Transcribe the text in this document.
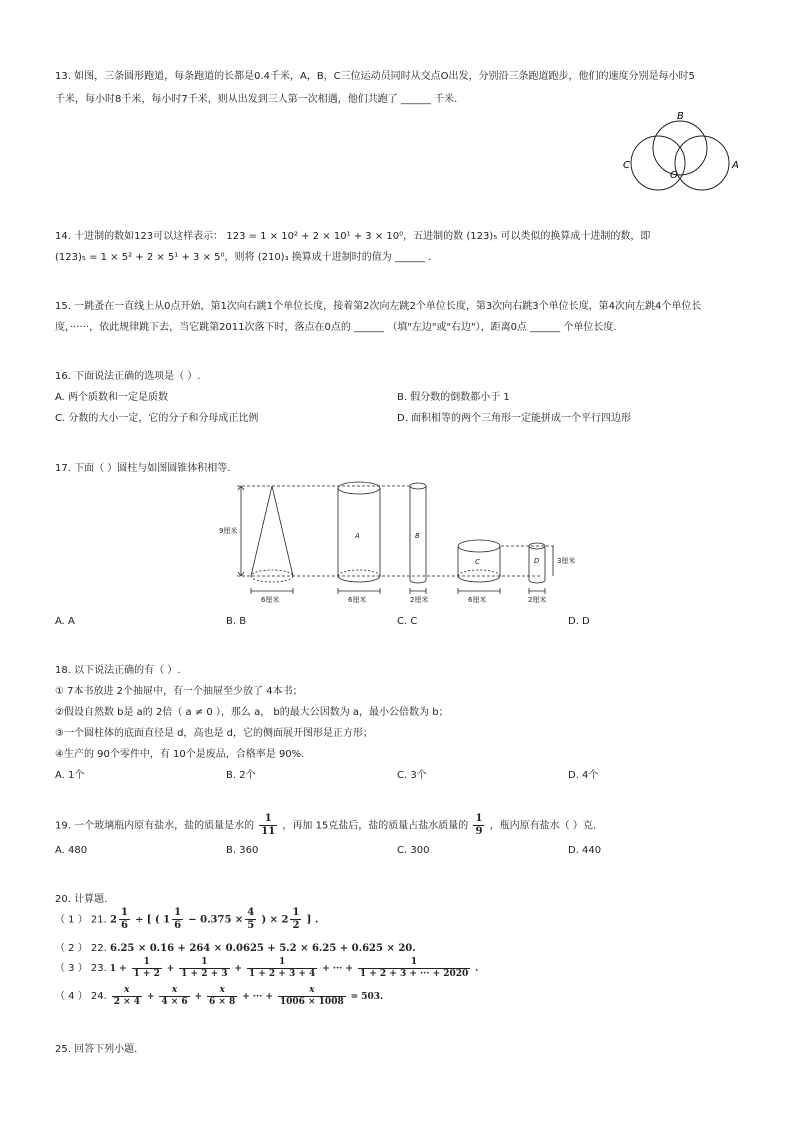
13. 如图，三条圆形跑道，每条跑道的长都是0.4千米，A，B，C三位运动员同时从交点O出发，分别沿三条跑道跑步，他们的速度分别是每小时5
千米，每小时8千米，每小时7千米，则从出发到三人第一次相遇，他们共跑了 ______ 千米.
B
C
O
A
14. 十进制的数如123可以这样表示： 123 = 1 × 10² + 2 × 10¹ + 3 × 10⁰，五进制的数 (123)₅ 可以类似的换算成十进制的数，即
(123)₅ = 1 × 5² + 2 × 5¹ + 3 × 5⁰，则将 (210)₃ 换算成十进制时的值为 ______ .
15. 一跳蚤在一直线上从0点开始，第1次向右跳1个单位长度，接着第2次向左跳2个单位长度，第3次向右跳3个单位长度，第4次向左跳4个单位长
度，······，依此规律跳下去，当它跳第2011次落下时，落点在0点的 ______ （填"左边"或"右边"），距离0点 ______ 个单位长度.
16. 下面说法正确的选项是（ ）.
A. 两个质数和一定是质数	B. 假分数的倒数都小于 1
C. 分数的大小一定，它的分子和分母成正比例	D. 面积相等的两个三角形一定能拼成一个平行四边形
17. 下面（ ）圆柱与如图圆锥体积相等.
9厘米
3厘米
A	B
C	D
6厘米	6厘米	2厘米	6厘米	2厘米
A. A	B. B	C. C	D. D
18. 以下说法正确的有（ ）.
① 7本书放进 2个抽屉中，有一个抽屉至少放了 4本书；
②假设自然数 b是 a的 2倍（ a ≠ 0 ），那么 a， b的最大公因数为 a，最小公倍数为 b；
③一个圆柱体的底面直径是 d，高也是 d，它的侧面展开图形是正方形；
④生产的 90个零件中，有 10个是废品，合格率是 90%.
A. 1个	B. 2个	C. 3个	D. 4个
19. 一个玻璃瓶内原有盐水，盐的质量是水的 $\frac{1}{11}$ ，再加 15克盐后，盐的质量占盐水质量的 $\frac{1}{9}$ ，瓶内原有盐水（ ）克.
A. 480	B. 360	C. 300	D. 440
20. 计算题.
（ 1 ） 21. $2 \frac{1}{6}$ ÷ [ ( $1 \frac{1}{6} - 0.375 \times \frac{4}{5}$ ) × $2 \frac{1}{2}$ ] .
（ 2 ） 22. 6.25 × 0.16 + 264 × 0.0625 + 5.2 × 6.25 + 0.625 × 20.
（ 3 ） 23. $1 + \frac{1}{1 + 2} + \frac{1}{1 + 2 + 3} + \frac{1}{1 + 2 + 3 + 4}$ + ··· + $\frac{1}{1 + 2 + 3 + \cdot\cdot\cdot + 2020}$ .
（ 4 ） 24. $\frac{x}{2 \times 4} + \frac{x}{4 \times 6} + \frac{x}{6 \times 8}$ + ··· + $\frac{x}{1006 \times 1008} = 503$.
25. 回答下列小题.
